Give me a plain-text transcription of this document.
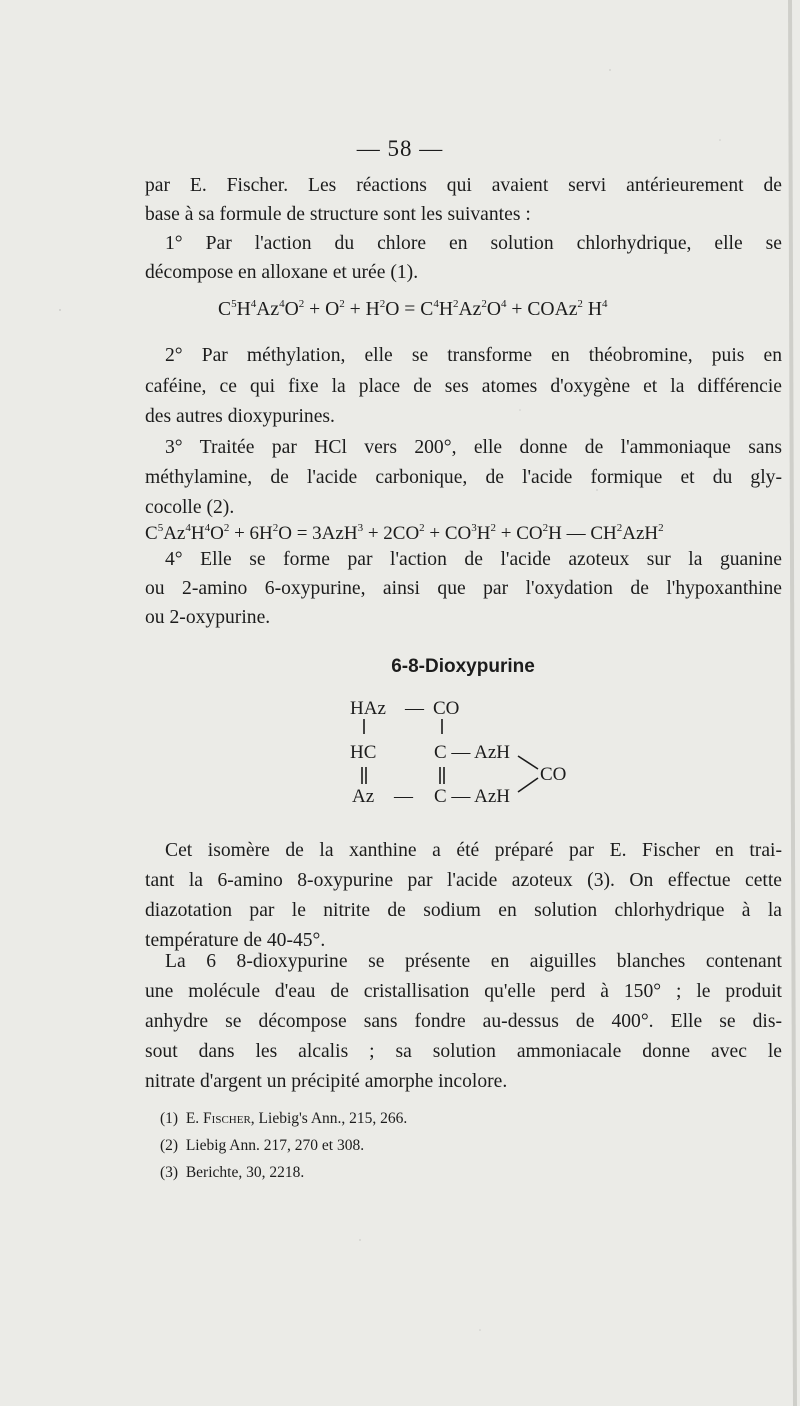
— 58 —
par E. Fischer. Les réactions qui avaient servi antérieurement de
base à sa formule de structure sont les suivantes :
1° Par l'action du chlore en solution chlorhydrique, elle se
décompose en alloxane et urée (1).
$C^5H^4Az^4O^2 + O^2 + H^2O = C^4H^2Az^2O^4$ + COAz$^2$ $H^4$
2° Par méthylation, elle se transforme en théobromine, puis en
caféine, ce qui fixe la place de ses atomes d'oxygène et la différencie
des autres dioxypurines.
3° Traitée par HCl vers 200°, elle donne de l'ammoniaque sans
méthylamine, de l'acide carbonique, de l'acide formique et du gly-
cocolle (2).
$C^5Az^4H^4O^2 + 6H^2O = 3AzH^3 + 2CO^2 + CO^3H^2 + CO^2H$ — $CH^2AzH^2$
4° Elle se forme par l'action de l'acide azoteux sur la guanine
ou 2-amino 6-oxypurine, ainsi que par l'oxydation de l'hypoxanthine
ou 2-oxypurine.
6-8-Dioxypurine
HAz — CO
HC	C — AzH
Az — C — AzH
CO
Cet isomère de la xanthine a été préparé par E. Fischer en trai-
tant la 6-amino 8-oxypurine par l'acide azoteux (3). On effectue cette
diazotation par le nitrite de sodium en solution chlorhydrique à la
température de 40-45°.
La 6 8-dioxypurine se présente en aiguilles blanches contenant
une molécule d'eau de cristallisation qu'elle perd à 150° ; le produit
anhydre se décompose sans fondre au-dessus de 400°. Elle se dis-
sout dans les alcalis ; sa solution ammoniacale donne avec le
nitrate d'argent un précipité amorphe incolore.
(1) E. Fischer, Liebig's Ann., 215, 266.
(2) Liebig Ann. 217, 270 et 308.
(3) Berichte, 30, 2218.
